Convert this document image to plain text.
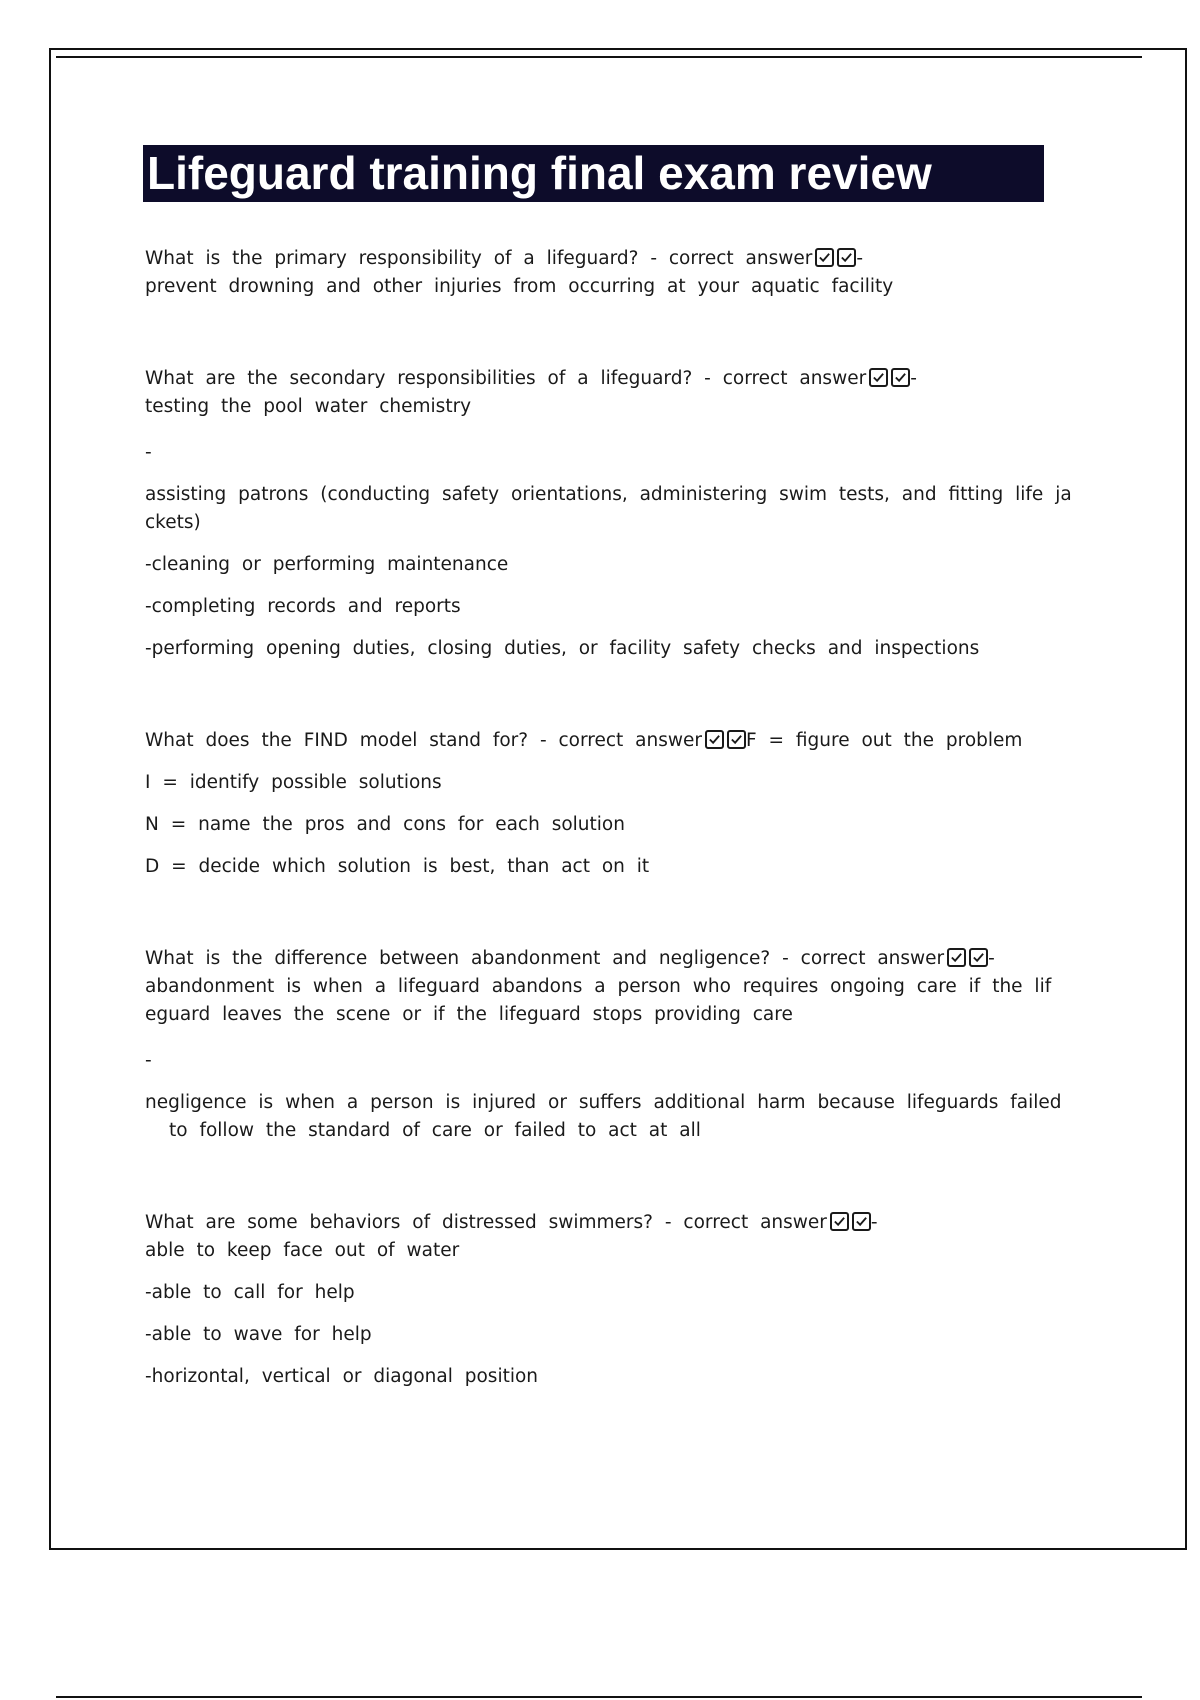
Lifeguard training final exam review

What is the primary responsibility of a lifeguard? - correct answer -

prevent drowning and other injuries from occurring at your aquatic facility

What are the secondary responsibilities of a lifeguard? - correct answer -

testing the pool water chemistry

-

assisting patrons (conducting safety orientations, administering swim tests, and fitting life ja

ckets)

-cleaning or performing maintenance

-completing records and reports

-performing opening duties, closing duties, or facility safety checks and inspections

What does the FIND model stand for? - correct answer F = figure out the problem

I = identify possible solutions

N = name the pros and cons for each solution

D = decide which solution is best, than act on it

What is the difference between abandonment and negligence? - correct answer -

abandonment is when a lifeguard abandons a person who requires ongoing care if the lif

eguard leaves the scene or if the lifeguard stops providing care

-

negligence is when a person is injured or suffers additional harm because lifeguards failed

to follow the standard of care or failed to act at all

What are some behaviors of distressed swimmers? - correct answer -

able to keep face out of water

-able to call for help

-able to wave for help

-horizontal, vertical or diagonal position
